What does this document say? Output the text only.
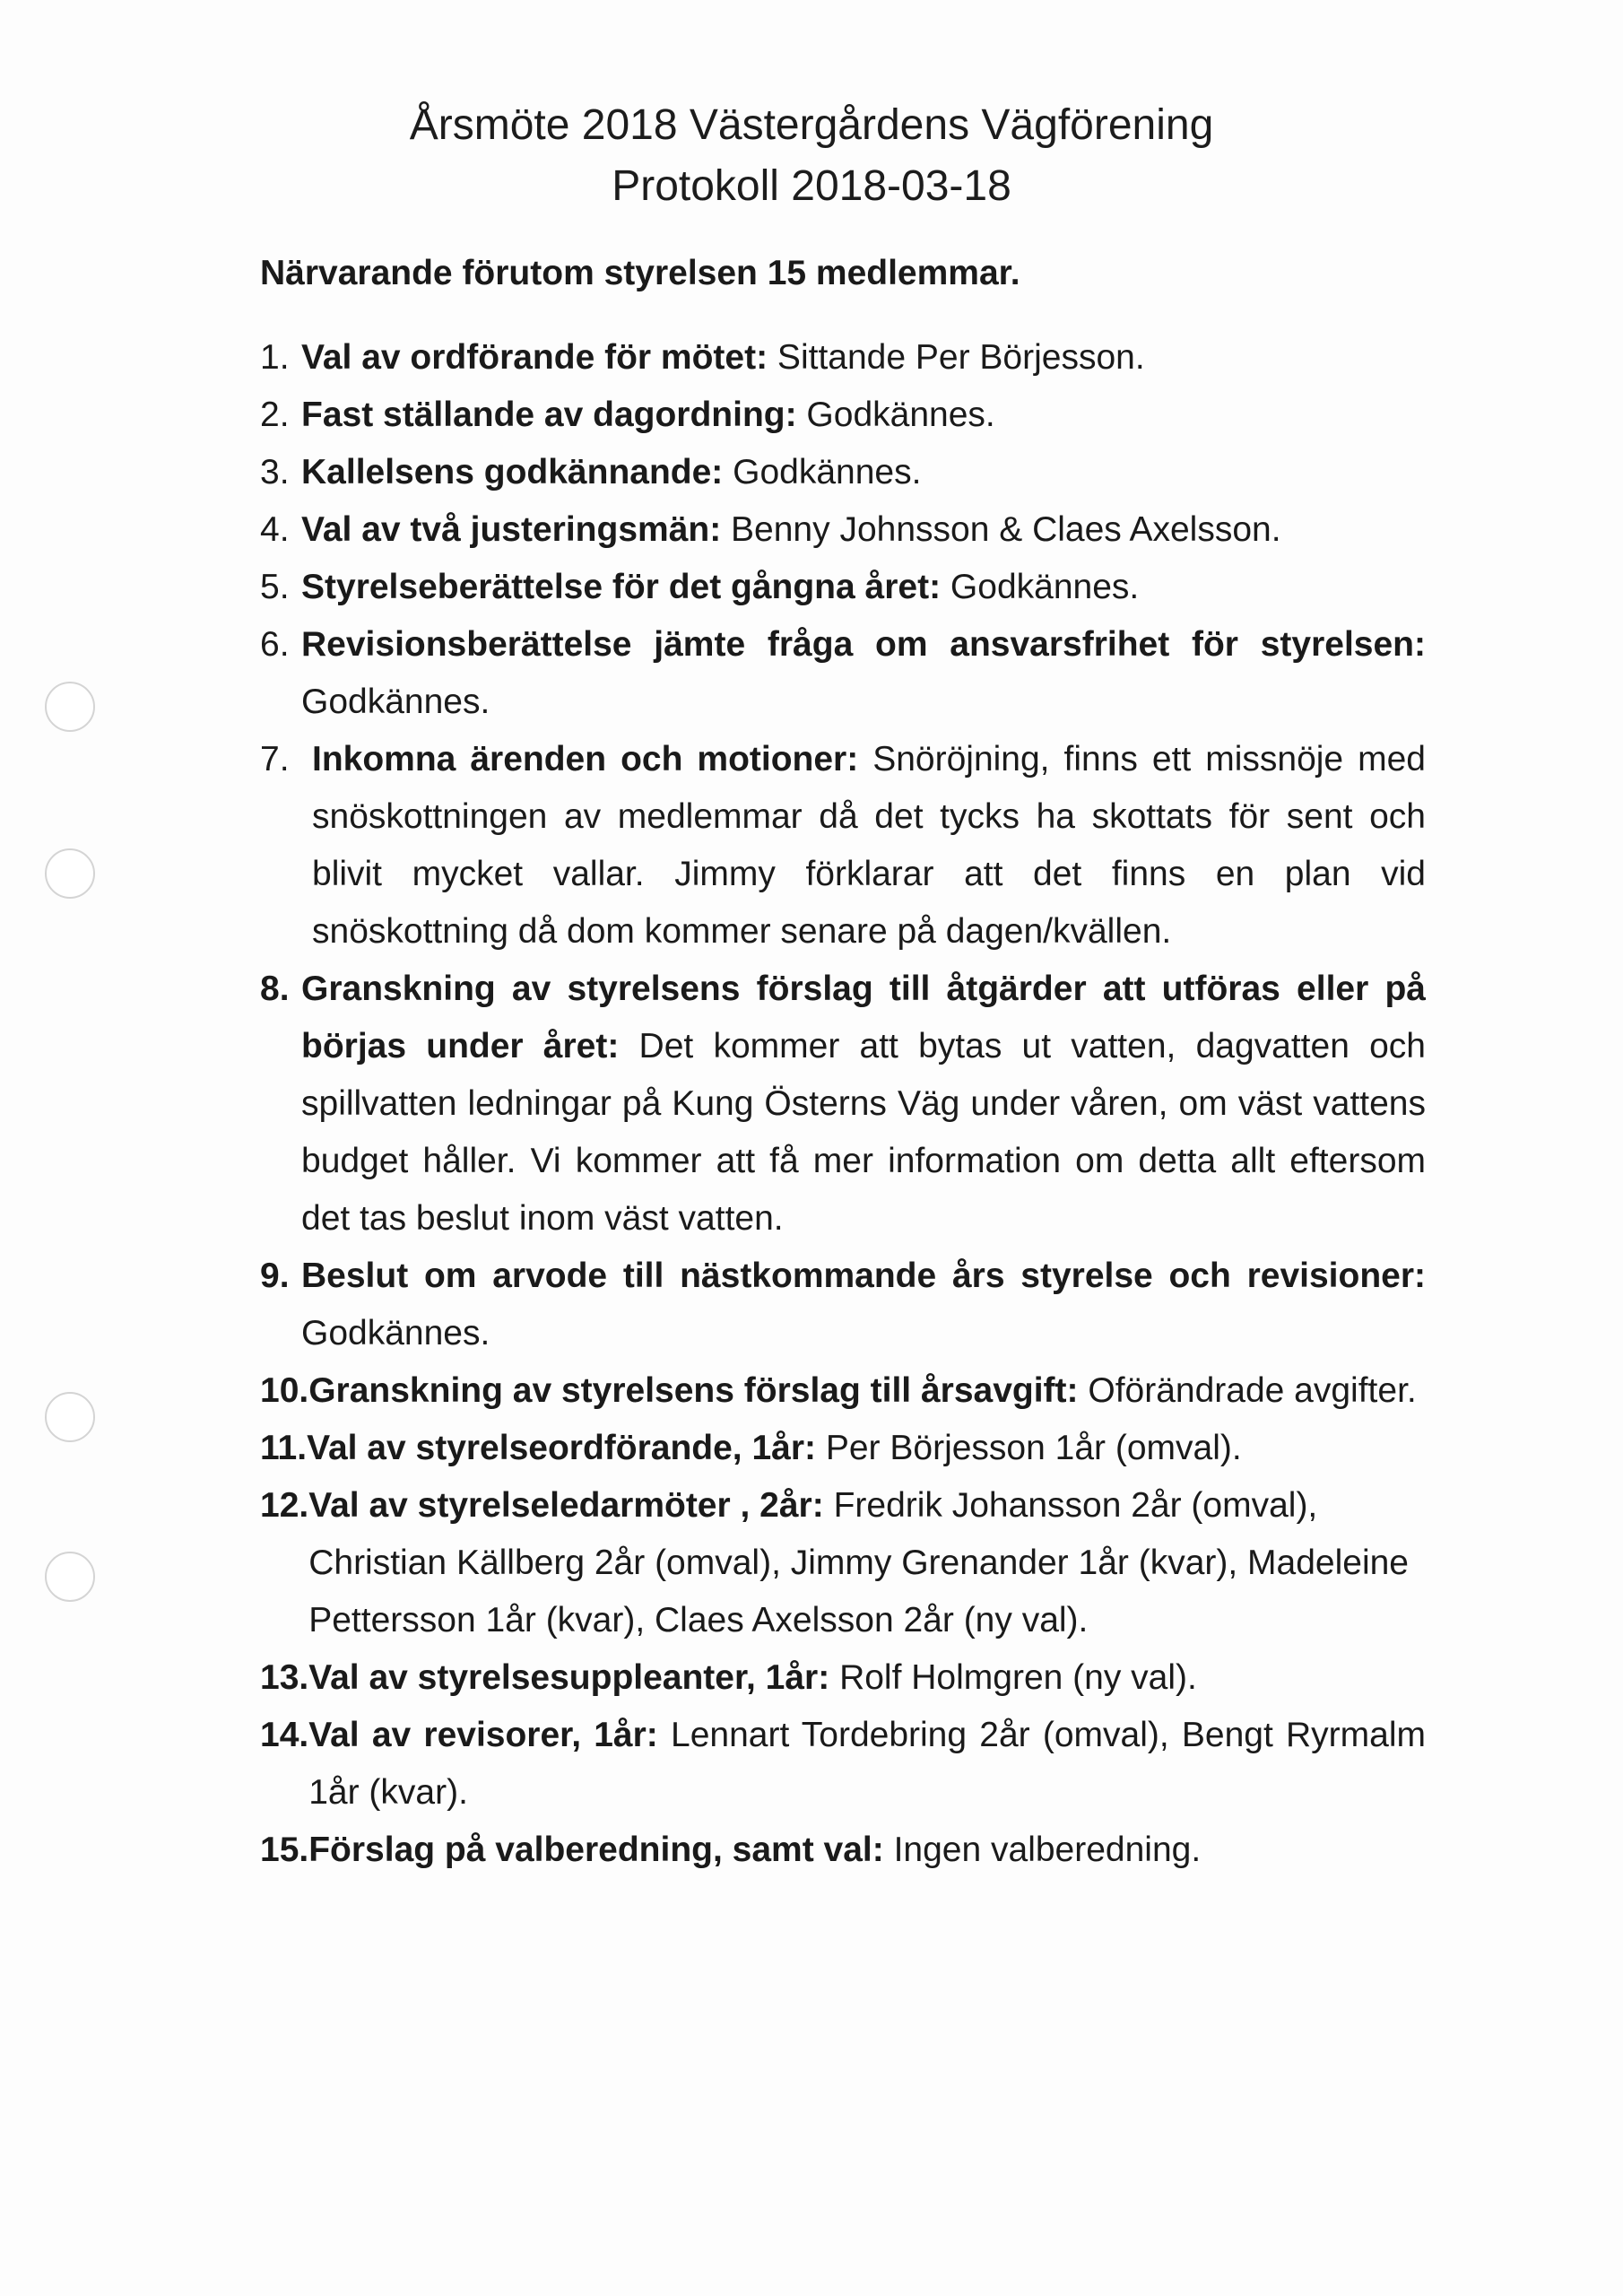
Årsmöte 2018 Västergårdens Vägförening
Protokoll 2018-03-18
Närvarande förutom styrelsen 15 medlemmar.
1. Val av ordförande för mötet: Sittande Per Börjesson.
2. Fast ställande av dagordning: Godkännes.
3. Kallelsens godkännande: Godkännes.
4. Val av två justeringsmän: Benny Johnsson & Claes Axelsson.
5. Styrelseberättelse för det gångna året: Godkännes.
6. Revisionsberättelse jämte fråga om ansvarsfrihet för styrelsen: Godkännes.
7. Inkomna ärenden och motioner: Snöröjning, finns ett missnöje med snöskottningen av medlemmar då det tycks ha skottats för sent och blivit mycket vallar. Jimmy förklarar att det finns en plan vid snöskottning då dom kommer senare på dagen/kvällen.
8. Granskning av styrelsens förslag till åtgärder att utföras eller på börjas under året: Det kommer att bytas ut vatten, dagvatten och spillvatten ledningar på Kung Österns Väg under våren, om väst vattens budget håller. Vi kommer att få mer information om detta allt eftersom det tas beslut inom väst vatten.
9. Beslut om arvode till nästkommande års styrelse och revisioner: Godkännes.
10. Granskning av styrelsens förslag till årsavgift: Oförändrade avgifter.
11. Val av styrelseordförande, 1år: Per Börjesson 1år (omval).
12. Val av styrelseledarmöter , 2år: Fredrik Johansson 2år (omval),      Christian Källberg 2år (omval), Jimmy Grenander 1år (kvar), Madeleine Pettersson 1år (kvar), Claes Axelsson 2år (ny val).
13. Val av styrelsesuppleanter, 1år: Rolf Holmgren (ny val).
14. Val av revisorer, 1år: Lennart Tordebring 2år (omval), Bengt Ryrmalm 1år (kvar).
15. Förslag på valberedning, samt val: Ingen valberedning.
